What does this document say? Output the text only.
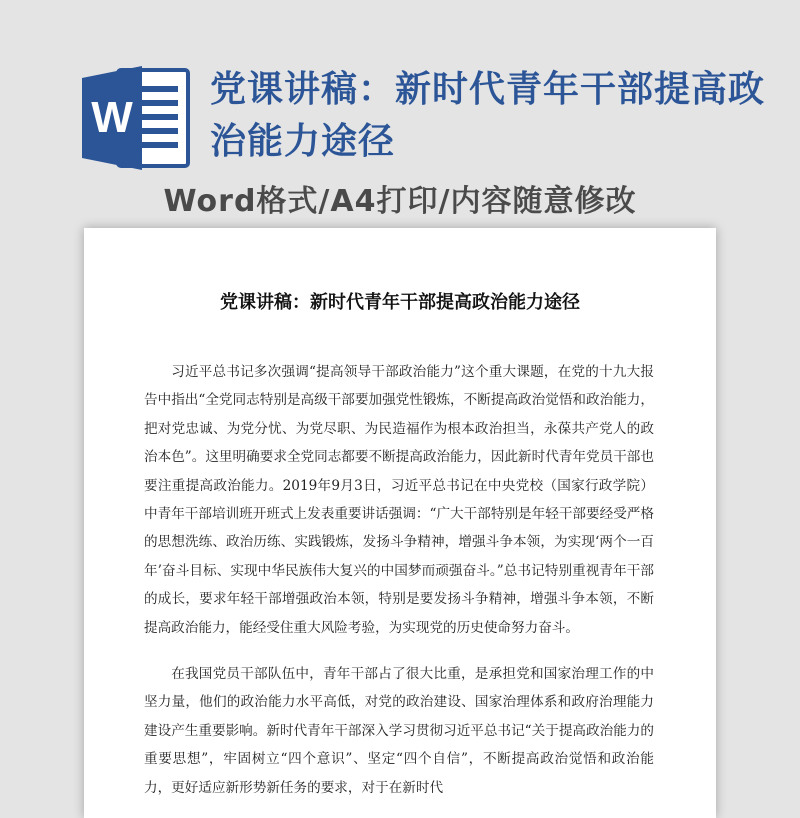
W
党课讲稿：新时代青年干部提高政治能力途径
Word格式/A4打印/内容随意修改
党课讲稿：新时代青年干部提高政治能力途径
习近平总书记多次强调“提高领导干部政治能力”这个重大课题，在党的十九大报告中指出“全党同志特别是高级干部要加强党性锻炼，不断提高政治觉悟和政治能力，把对党忠诚、为党分忧、为党尽职、为民造福作为根本政治担当，永葆共产党人的政治本色”。这里明确要求全党同志都要不断提高政治能力，因此新时代青年党员干部也要注重提高政治能力。2019年9月3日，习近平总书记在中央党校（国家行政学院）中青年干部培训班开班式上发表重要讲话强调：“广大干部特别是年轻干部要经受严格的思想洗练、政治历练、实践锻炼，发扬斗争精神，增强斗争本领，为实现‘两个一百年’奋斗目标、实现中华民族伟大复兴的中国梦而顽强奋斗。”总书记特别重视青年干部的成长，要求年轻干部增强政治本领，特别是要发扬斗争精神，增强斗争本领，不断提高政治能力，能经受住重大风险考验，为实现党的历史使命努力奋斗。
在我国党员干部队伍中，青年干部占了很大比重，是承担党和国家治理工作的中坚力量，他们的政治能力水平高低，对党的政治建设、国家治理体系和政府治理能力建设产生重要影响。新时代青年干部深入学习贯彻习近平总书记“关于提高政治能力的重要思想”，牢固树立“四个意识”、坚定“四个自信”，不断提高政治觉悟和政治能力，更好适应新形势新任务的要求，对于在新时代
